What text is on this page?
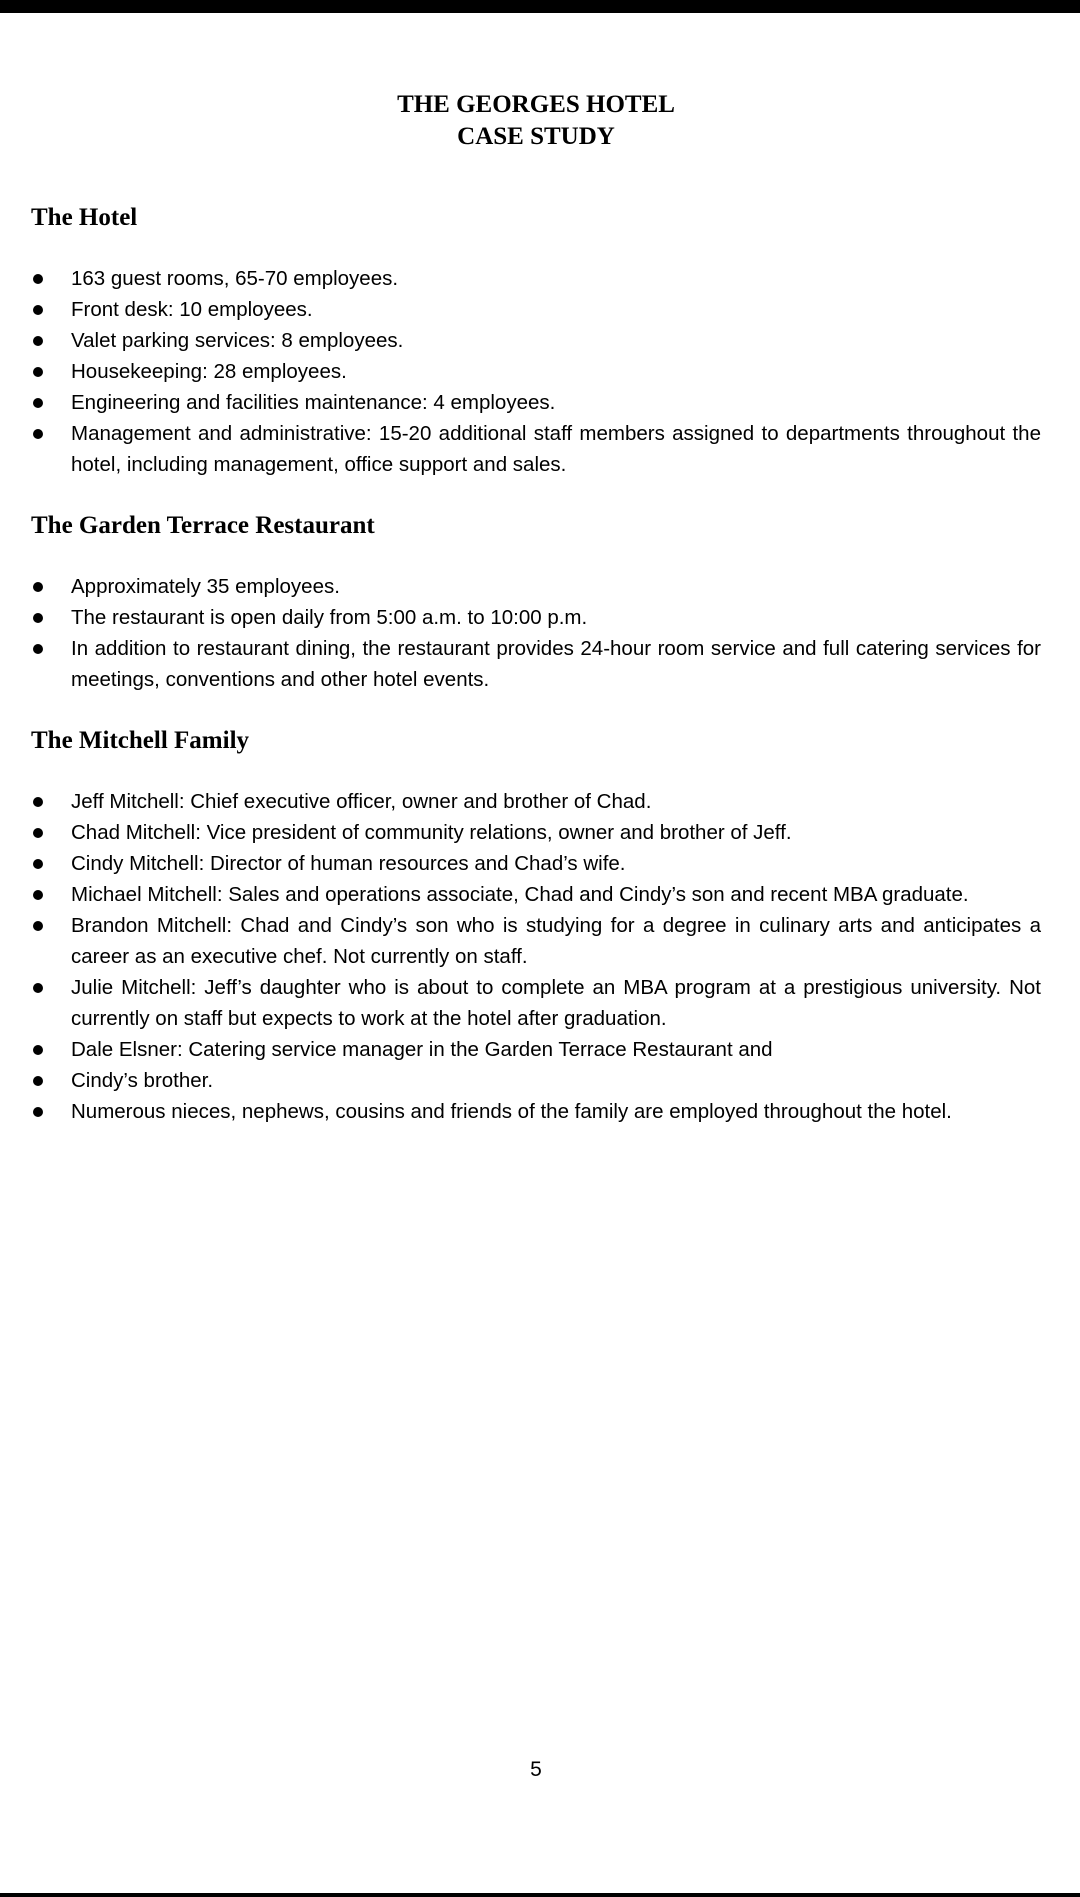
THE GEORGES HOTEL
CASE STUDY
The Hotel
163 guest rooms, 65-70 employees.
Front desk: 10 employees.
Valet parking services: 8 employees.
Housekeeping: 28 employees.
Engineering and facilities maintenance: 4 employees.
Management and administrative: 15-20 additional staff members assigned to departments throughout the hotel, including management, office support and sales.
The Garden Terrace Restaurant
Approximately 35 employees.
The restaurant is open daily from 5:00 a.m. to 10:00 p.m.
In addition to restaurant dining, the restaurant provides 24-hour room service and full catering services for meetings, conventions and other hotel events.
The Mitchell Family
Jeff Mitchell: Chief executive officer, owner and brother of Chad.
Chad Mitchell: Vice president of community relations, owner and brother of Jeff.
Cindy Mitchell: Director of human resources and Chad’s wife.
Michael Mitchell: Sales and operations associate, Chad and Cindy’s son and recent MBA graduate.
Brandon Mitchell: Chad and Cindy’s son who is studying for a degree in culinary arts and anticipates a career as an executive chef. Not currently on staff.
Julie Mitchell: Jeff’s daughter who is about to complete an MBA program at a prestigious university. Not currently on staff but expects to work at the hotel after graduation.
Dale Elsner: Catering service manager in the Garden Terrace Restaurant and
Cindy’s brother.
Numerous nieces, nephews, cousins and friends of the family are employed throughout the hotel.
5
